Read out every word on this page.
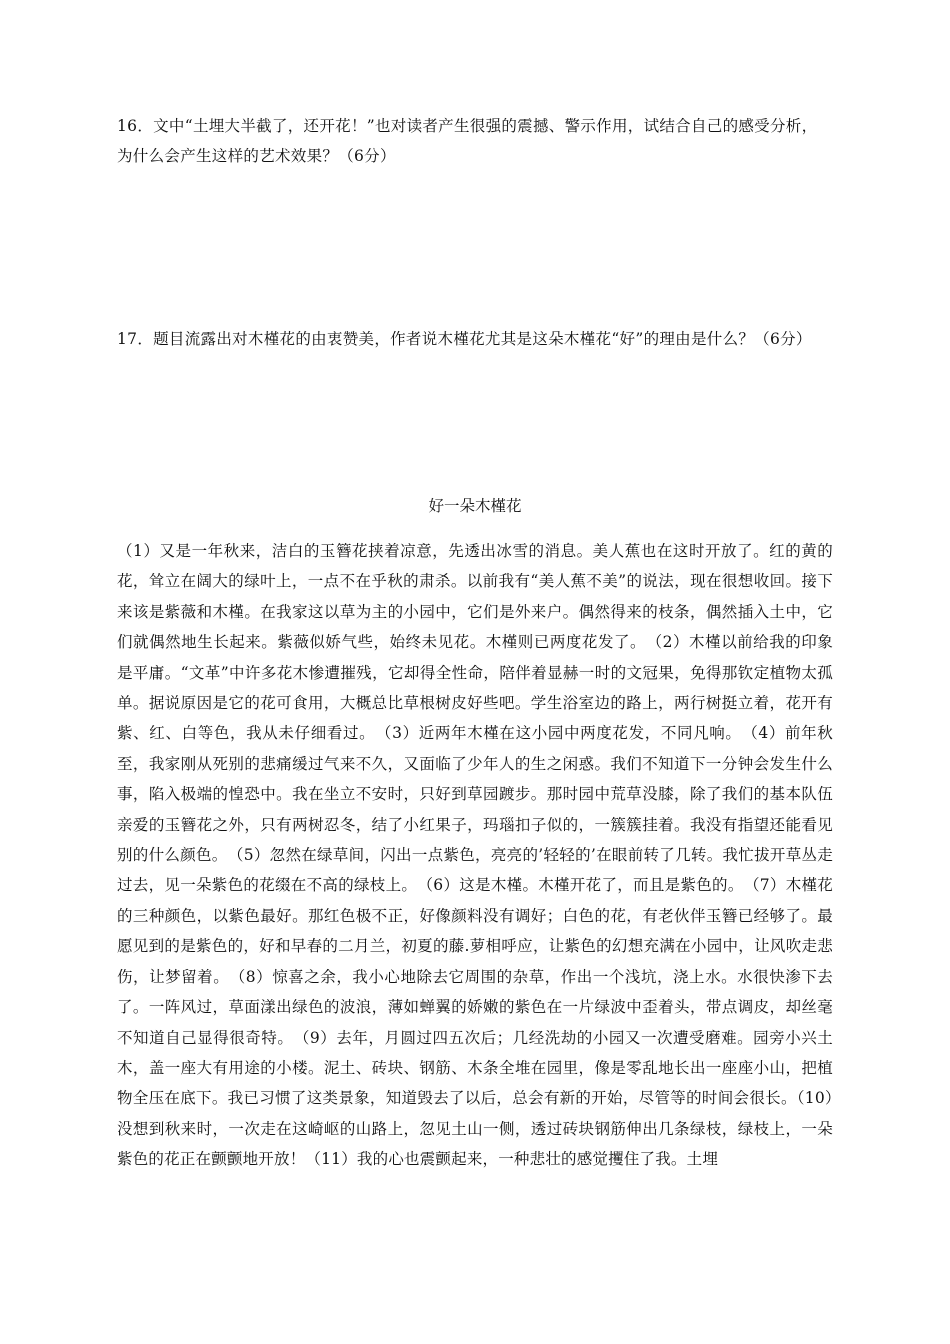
16．文中“土埋大半截了，还开花！”也对读者产生很强的震撼、警示作用，试结合自己的感受分析，为什么会产生这样的艺术效果？（6分）
17．题目流露出对木槿花的由衷赞美，作者说木槿花尤其是这朵木槿花“好”的理由是什么？（6分）
好一朵木槿花
（1）又是一年秋来，洁白的玉簪花挟着凉意，先透出冰雪的消息。美人蕉也在这时开放了。红的黄的花，耸立在阔大的绿叶上，一点不在乎秋的肃杀。以前我有“美人蕉不美”的说法，现在很想收回。接下来该是紫薇和木槿。在我家这以草为主的小园中，它们是外来户。偶然得来的枝条，偶然插入土中，它们就偶然地生长起来。紫薇似娇气些，始终未见花。木槿则已两度花发了。　（2）木槿以前给我的印象是平庸。“文革”中许多花木惨遭摧残，它却得全性命，陪伴着显赫一时的文冠果，免得那钦定植物太孤单。据说原因是它的花可食用，大概总比草根树皮好些吧。学生浴室边的路上，两行树挺立着，花开有紫、红、白等色，我从未仔细看过。　（3）近两年木槿在这小园中两度花发，不同凡响。　（4）前年秋至，我家刚从死别的悲痛缓过气来不久，又面临了少年人的生之闲惑。我们不知道下一分钟会发生什么事，陷入极端的惶恐中。我在坐立不安时，只好到草园踱步。那时园中荒草没膝，除了我们的基本队伍亲爱的玉簪花之外，只有两树忍冬，结了小红果子，玛瑙扣子似的，一簇簇挂着。我没有指望还能看见别的什么颜色。　（5）忽然在绿草间，闪出一点紫色，亮亮的’轻轻的’在眼前转了几转。我忙拔开草丛走过去，见一朵紫色的花缀在不高的绿枝上。　（6）这是木槿。木槿开花了，而且是紫色的。　（7）木槿花的三种颜色，以紫色最好。那红色极不正，好像颜料没有调好；白色的花，有老伙伴玉簪已经够了。最愿见到的是紫色的，好和早春的二月兰，初夏的藤.萝相呼应，让紫色的幻想充满在小园中，让风吹走悲伤，让梦留着。　（8）惊喜之余，我小心地除去它周围的杂草，作出一个浅坑，浇上水。水很快渗下去了。一阵风过，草面漾出绿色的波浪，薄如蝉翼的娇嫩的紫色在一片绿波中歪着头，带点调皮，却丝毫不知道自己显得很奇特。　（9）去年，月圆过四五次后；几经洗劫的小园又一次遭受磨难。园旁小兴土木，盖一座大有用途的小楼。泥土、砖块、钢筋、木条全堆在园里，像是零乱地长出一座座小山，把植物全压在底下。我已习惯了这类景象，知道毁去了以后，总会有新的开始，尽管等的时间会很长。（10）没想到秋来时，一次走在这崎岖的山路上，忽见土山一侧，透过砖块钢筋伸出几条绿枝，绿枝上，一朵紫色的花正在颤颤地开放！（11）我的心也震颤起来，一种悲壮的感觉攫住了我。土埋
